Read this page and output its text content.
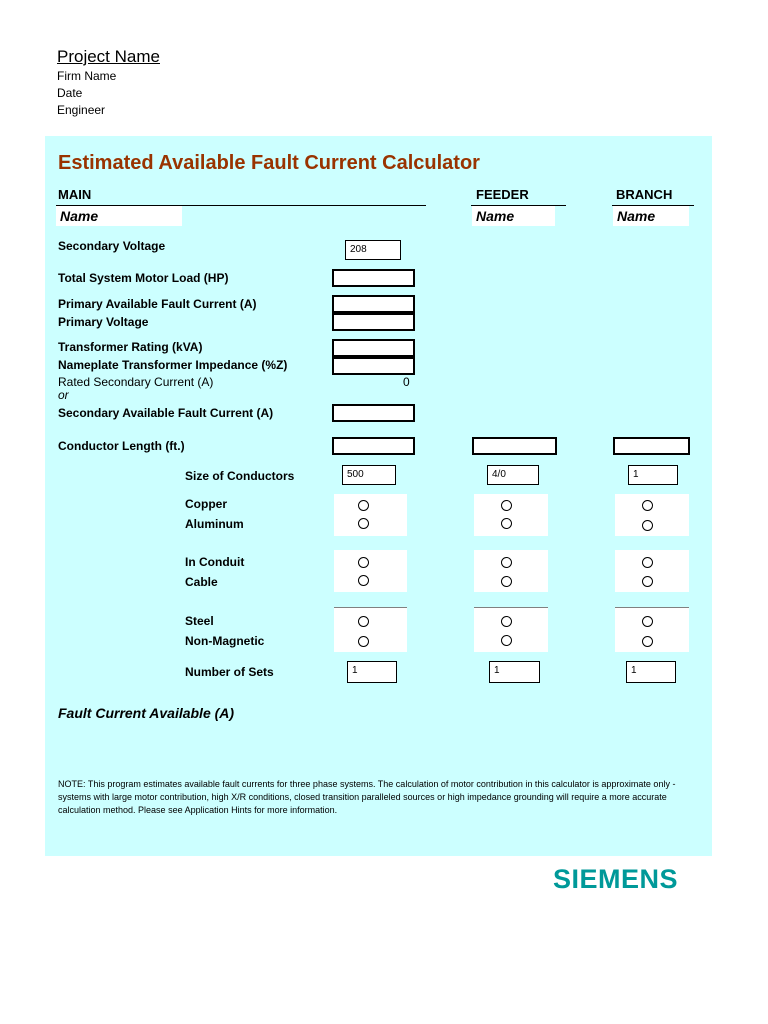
Project Name
Firm Name
Date
Engineer
Estimated Available Fault Current Calculator
MAIN	FEEDER	BRANCH
Name	Name	Name
Secondary Voltage	208
Total System Motor Load (HP)
Primary Available Fault Current (A)
Primary Voltage
Transformer Rating (kVA)
Nameplate Transformer Impedance (%Z)
Rated Secondary Current (A)	0
or
Secondary Available Fault Current (A)
Conductor Length (ft.)
Size of Conductors	500	4/0	1
Copper
Aluminum
In Conduit
Cable
Steel
Non-Magnetic
Number of Sets	1	1	1
Fault Current Available (A)
NOTE: This program estimates available fault currents for three phase systems. The calculation of motor contribution in this calculator is approximate only - systems with large motor contribution, high X/R conditions, closed transition paralleled sources or high impedance grounding will require a more accurate calculation method. Please see Application Hints for more information.
SIEMENS
